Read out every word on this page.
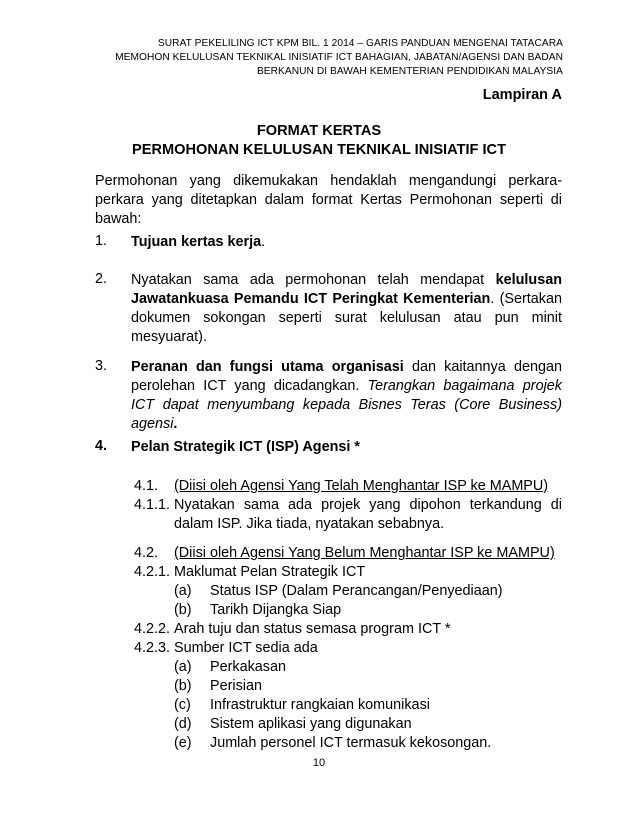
SURAT PEKELILING ICT KPM BIL. 1 2014 – GARIS PANDUAN MENGENAI TATACARA
MEMOHON KELULUSAN TEKNIKAL INISIATIF ICT BAHAGIAN, JABATAN/AGENSI DAN BADAN
BERKANUN DI BAWAH KEMENTERIAN PENDIDIKAN MALAYSIA
Lampiran A
FORMAT KERTAS
PERMOHONAN KELULUSAN TEKNIKAL INISIATIF ICT
Permohonan yang dikemukakan hendaklah mengandungi perkara-perkara yang ditetapkan dalam format Kertas Permohonan seperti di bawah:
1. Tujuan kertas kerja.
2. Nyatakan sama ada permohonan telah mendapat kelulusan Jawatankuasa Pemandu ICT Peringkat Kementerian. (Sertakan dokumen sokongan seperti surat kelulusan atau pun minit mesyuarat).
3. Peranan dan fungsi utama organisasi dan kaitannya dengan perolehan ICT yang dicadangkan. Terangkan bagaimana projek ICT dapat menyumbang kepada Bisnes Teras (Core Business) agensi.
4. Pelan Strategik ICT (ISP) Agensi *
4.1. (Diisi oleh Agensi Yang Telah Menghantar ISP ke MAMPU)
4.1.1. Nyatakan sama ada projek yang dipohon terkandung di dalam ISP. Jika tiada, nyatakan sebabnya.
4.2. (Diisi oleh Agensi Yang Belum Menghantar ISP ke MAMPU)
4.2.1. Maklumat Pelan Strategik ICT
(a) Status ISP (Dalam Perancangan/Penyediaan)
(b) Tarikh Dijangka Siap
4.2.2. Arah tuju dan status semasa program ICT *
4.2.3. Sumber ICT sedia ada
(a) Perkakasan
(b) Perisian
(c) Infrastruktur rangkaian komunikasi
(d) Sistem aplikasi yang digunakan
(e) Jumlah personel ICT termasuk kekosongan.
10
